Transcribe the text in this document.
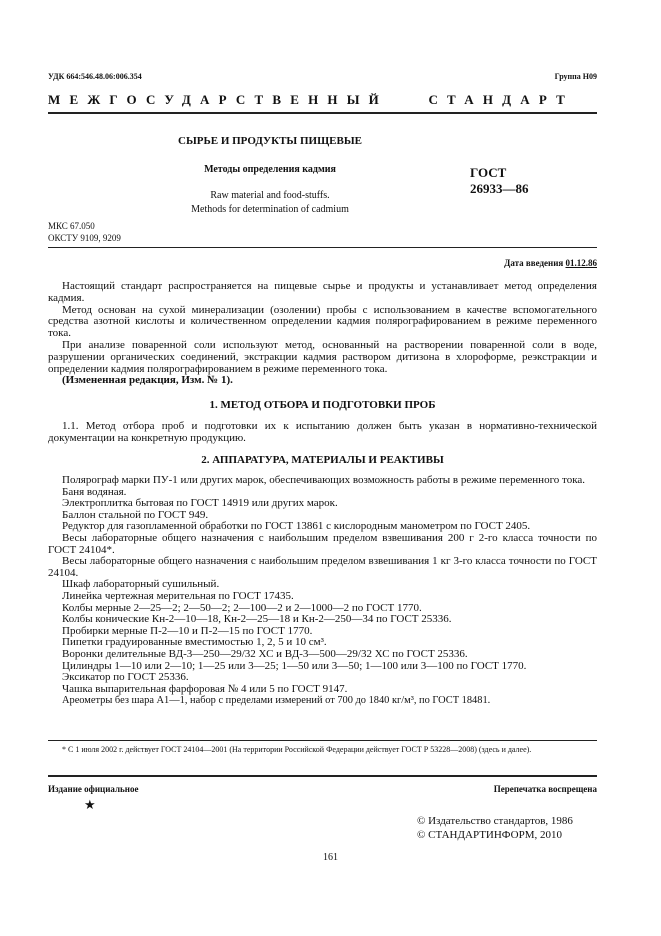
УДК 664:546.48.06:006.354	Группа Н09
МЕЖГОСУДАРСТВЕННЫЙ СТАНДАРТ
СЫРЬЕ И ПРОДУКТЫ ПИЩЕВЫЕ
Методы определения кадмия
Raw material and food-stuffs.
Methods for determination of cadmium
ГОСТ
26933—86
МКС 67.050
ОКСТУ 9109, 9209
Дата введения 01.12.86

Настоящий стандарт распространяется на пищевые сырье и продукты и устанавливает метод определения кадмия.

Метод основан на сухой минерализации (озолении) пробы с использованием в качестве вспомогательного средства азотной кислоты и количественном определении кадмия полярографированием в режиме переменного тока.

При анализе поваренной соли используют метод, основанный на растворении поваренной соли в воде, разрушении органических соединений, экстракции кадмия раствором дитизона в хлороформе, реэкстракции и определении кадмия полярографированием в режиме переменного тока.

(Измененная редакция, Изм. № 1).

1. МЕТОД ОТБОРА И ПОДГОТОВКИ ПРОБ

1.1. Метод отбора проб и подготовки их к испытанию должен быть указан в нормативно-технической документации на конкретную продукцию.

2. АППАРАТУРА, МАТЕРИАЛЫ И РЕАКТИВЫ

Полярограф марки ПУ-1 или других марок, обеспечивающих возможность работы в режиме переменного тока.

Баня водяная.

Электроплитка бытовая по ГОСТ 14919 или других марок.

Баллон стальной по ГОСТ 949.

Редуктор для газопламенной обработки по ГОСТ 13861 с кислородным манометром по ГОСТ 2405.

Весы лабораторные общего назначения с наибольшим пределом взвешивания 200 г 2-го класса точности по ГОСТ 24104*.

Весы лабораторные общего назначения с наибольшим пределом взвешивания 1 кг 3-го класса точности по ГОСТ 24104.

Шкаф лабораторный сушильный.

Линейка чертежная мерительная по ГОСТ 17435.

Колбы мерные 2—25—2; 2—50—2; 2—100—2 и 2—1000—2 по ГОСТ 1770.

Колбы конические Кн-2—10—18, Кн-2—25—18 и Кн-2—250—34 по ГОСТ 25336.

Пробирки мерные П-2—10 и П-2—15 по ГОСТ 1770.

Пипетки градуированные вместимостью 1, 2, 5 и 10 см³.

Воронки делительные ВД-3—250—29/32 ХС и ВД-3—500—29/32 ХС по ГОСТ 25336.

Цилиндры 1—10 или 2—10; 1—25 или 3—25; 1—50 или 3—50; 1—100 или 3—100 по ГОСТ 1770.

Эксикатор по ГОСТ 25336.

Чашка выпарительная фарфоровая № 4 или 5 по ГОСТ 9147.

Ареометры без шара А1—1, набор с пределами измерений от 700 до 1840 кг/м³, по ГОСТ 18481.

* С 1 июля 2002 г. действует ГОСТ 24104—2001 (На территории Российской Федерации действует ГОСТ Р 53228—2008) (здесь и далее).
Издание официальное	Перепечатка воспрещена
★
© Издательство стандартов, 1986
© СТАНДАРТИНФОРМ, 2010
161
